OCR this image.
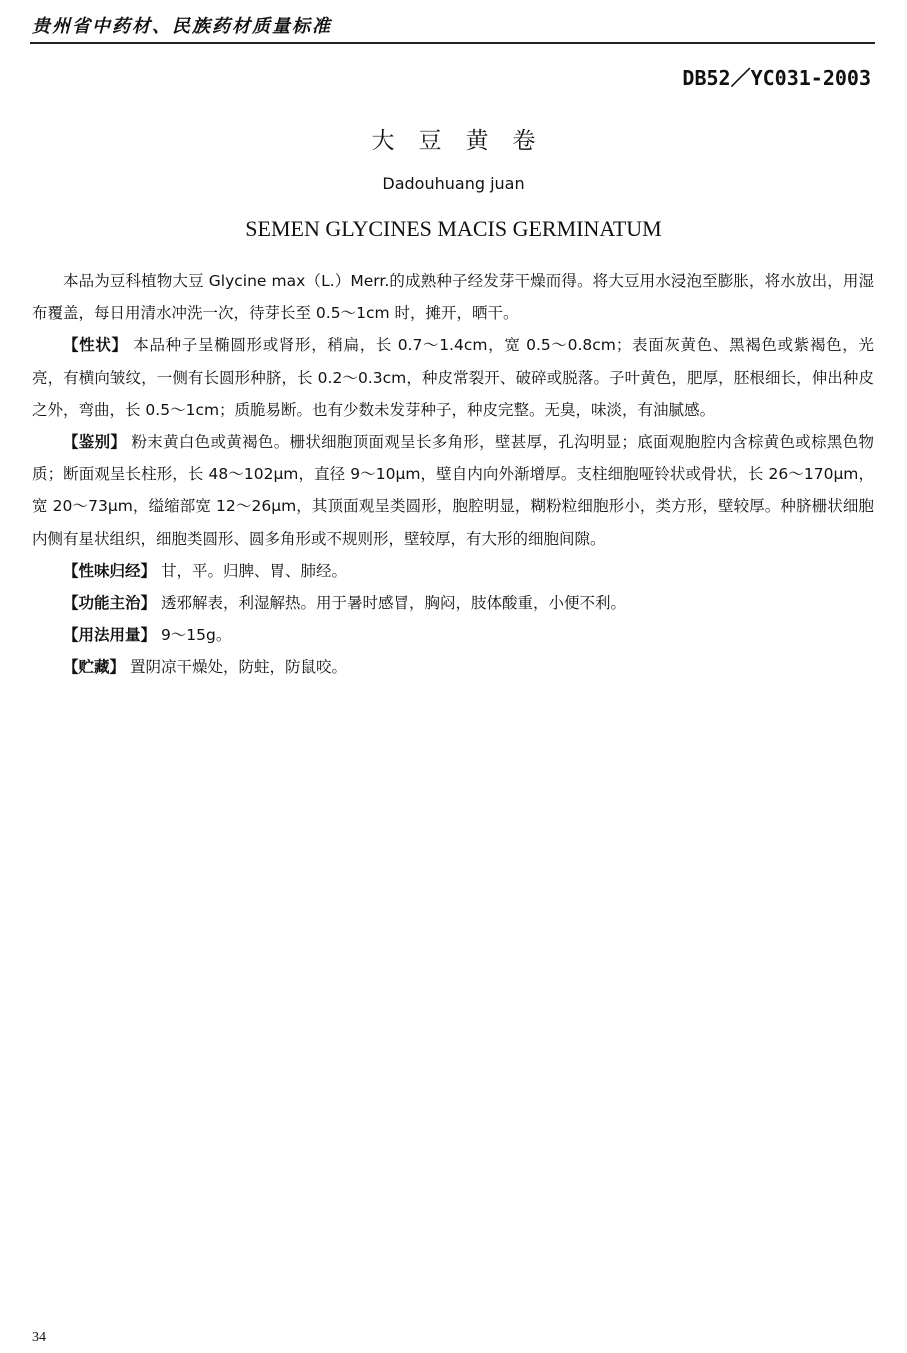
贵州省中药材、民族药材质量标准
DB52／YC031-2003
大豆黄卷
Dadouhuang juan
SEMEN GLYCINES MACIS GERMINATUM

本品为豆科植物大豆 Glycine max（L.）Merr.的成熟种子经发芽干燥而得。将大豆用水浸泡至膨胀，将水放出，用湿布覆盖，每日用清水冲洗一次，待芽长至 0.5～1cm 时，摊开，晒干。

【性状】 本品种子呈椭圆形或肾形，稍扁，长 0.7～1.4cm，宽 0.5～0.8cm；表面灰黄色、黑褐色或紫褐色，光亮，有横向皱纹，一侧有长圆形种脐，长 0.2～0.3cm，种皮常裂开、破碎或脱落。子叶黄色，肥厚，胚根细长，伸出种皮之外，弯曲，长 0.5～1cm；质脆易断。也有少数未发芽种子，种皮完整。无臭，味淡，有油腻感。

【鉴别】 粉末黄白色或黄褐色。栅状细胞顶面观呈长多角形，壁甚厚，孔沟明显；底面观胞腔内含棕黄色或棕黑色物质；断面观呈长柱形，长 48～102μm，直径 9～10μm，壁自内向外渐增厚。支柱细胞哑铃状或骨状，长 26～170μm，宽 20～73μm，缢缩部宽 12～26μm，其顶面观呈类圆形，胞腔明显，糊粉粒细胞形小，类方形，壁较厚。种脐栅状细胞内侧有星状组织，细胞类圆形、圆多角形或不规则形，壁较厚，有大形的细胞间隙。

【性味归经】 甘，平。归脾、胃、肺经。

【功能主治】 透邪解表，利湿解热。用于暑时感冒，胸闷，肢体酸重，小便不利。

【用法用量】 9～15g。

【贮藏】 置阴凉干燥处，防蛀，防鼠咬。

34
